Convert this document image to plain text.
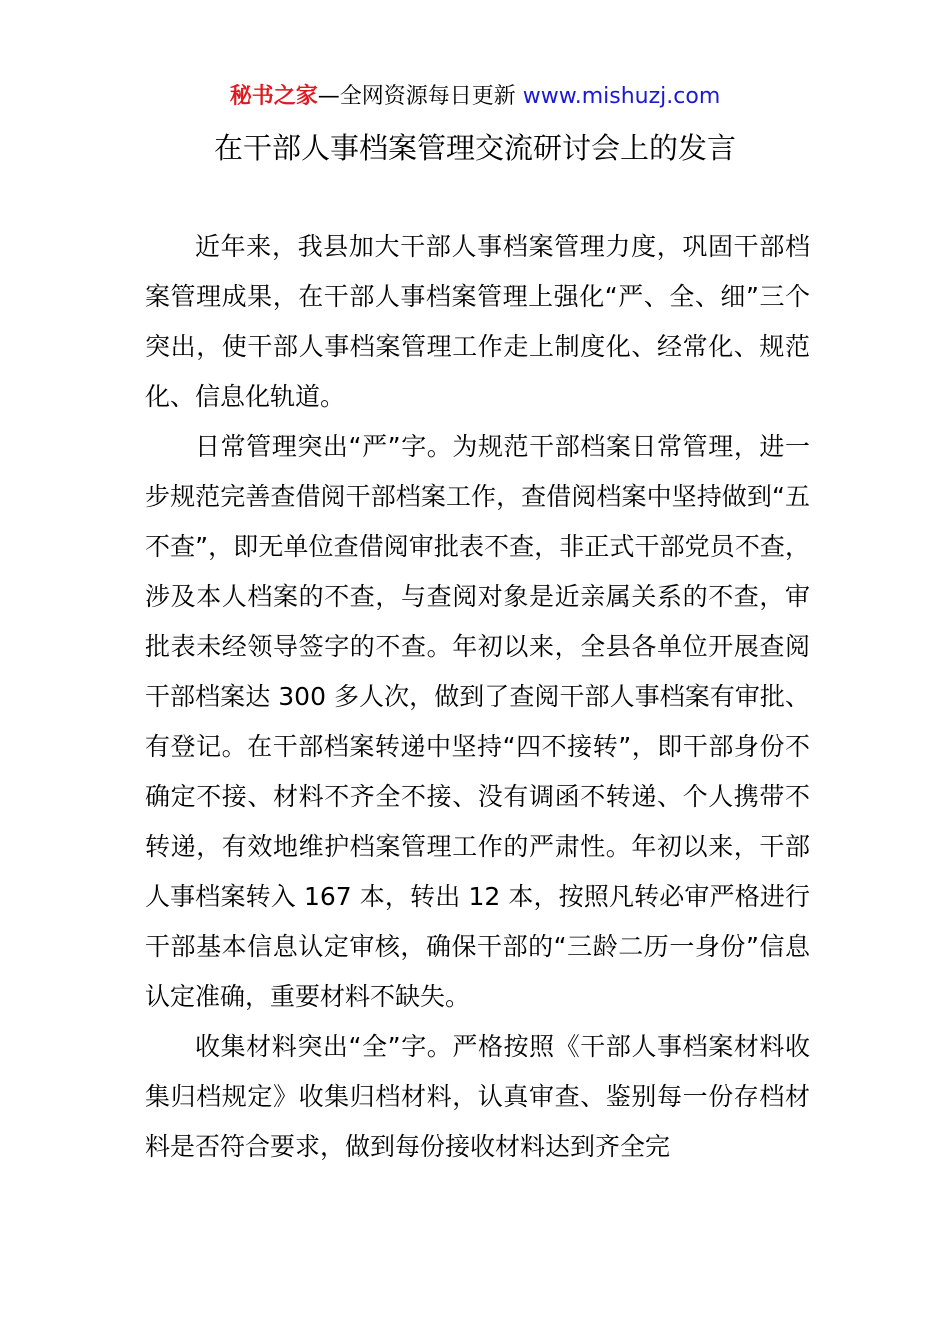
秘书之家—全网资源每日更新 www.mishuzj.com
在干部人事档案管理交流研讨会上的发言

近年来，我县加大干部人事档案管理力度，巩固干部档案管理成果，在干部人事档案管理上强化“严、全、细”三个突出，使干部人事档案管理工作走上制度化、经常化、规范化、信息化轨道。

日常管理突出“严”字。为规范干部档案日常管理，进一步规范完善查借阅干部档案工作，查借阅档案中坚持做到“五不查”，即无单位查借阅审批表不查，非正式干部党员不查，涉及本人档案的不查，与查阅对象是近亲属关系的不查，审批表未经领导签字的不查。年初以来，全县各单位开展查阅干部档案达 300 多人次，做到了查阅干部人事档案有审批、有登记。在干部档案转递中坚持“四不接转”，即干部身份不确定不接、材料不齐全不接、没有调函不转递、个人携带不转递，有效地维护档案管理工作的严肃性。年初以来，干部人事档案转入 167 本，转出 12 本，按照凡转必审严格进行干部基本信息认定审核，确保干部的“三龄二历一身份”信息认定准确，重要材料不缺失。

收集材料突出“全”字。严格按照《干部人事档案材料收集归档规定》收集归档材料，认真审查、鉴别每一份存档材料是否符合要求，做到每份接收材料达到齐全完
